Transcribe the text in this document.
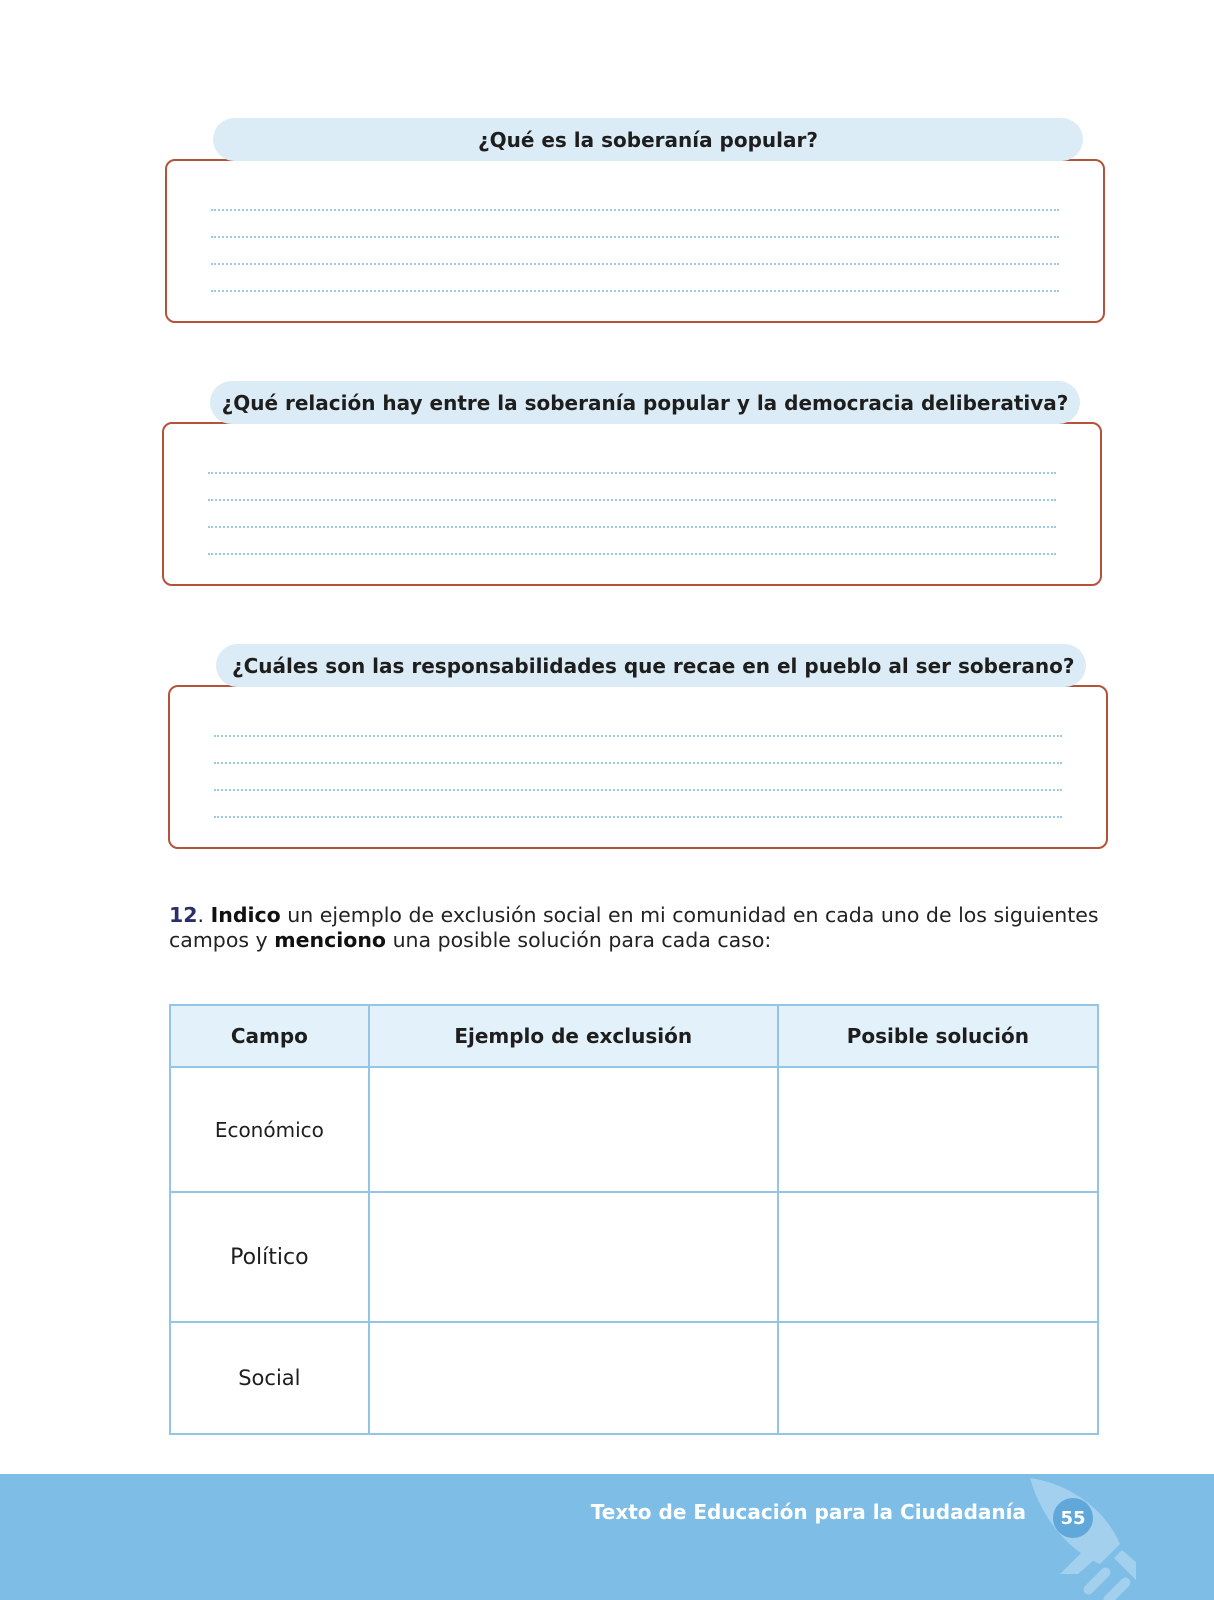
¿Qué es la soberanía popular?
¿Qué relación hay entre la soberanía popular y la democracia deliberativa?
¿Cuáles son las responsabilidades que recae en el pueblo al ser soberano?
12. Indico un ejemplo de exclusión social en mi comunidad en cada uno de los siguientes campos y menciono una posible solución para cada caso:
Campo	Ejemplo de exclusión	Posible solución
Económico		
Político		
Social		
Texto de Educación para la Ciudadanía	55
